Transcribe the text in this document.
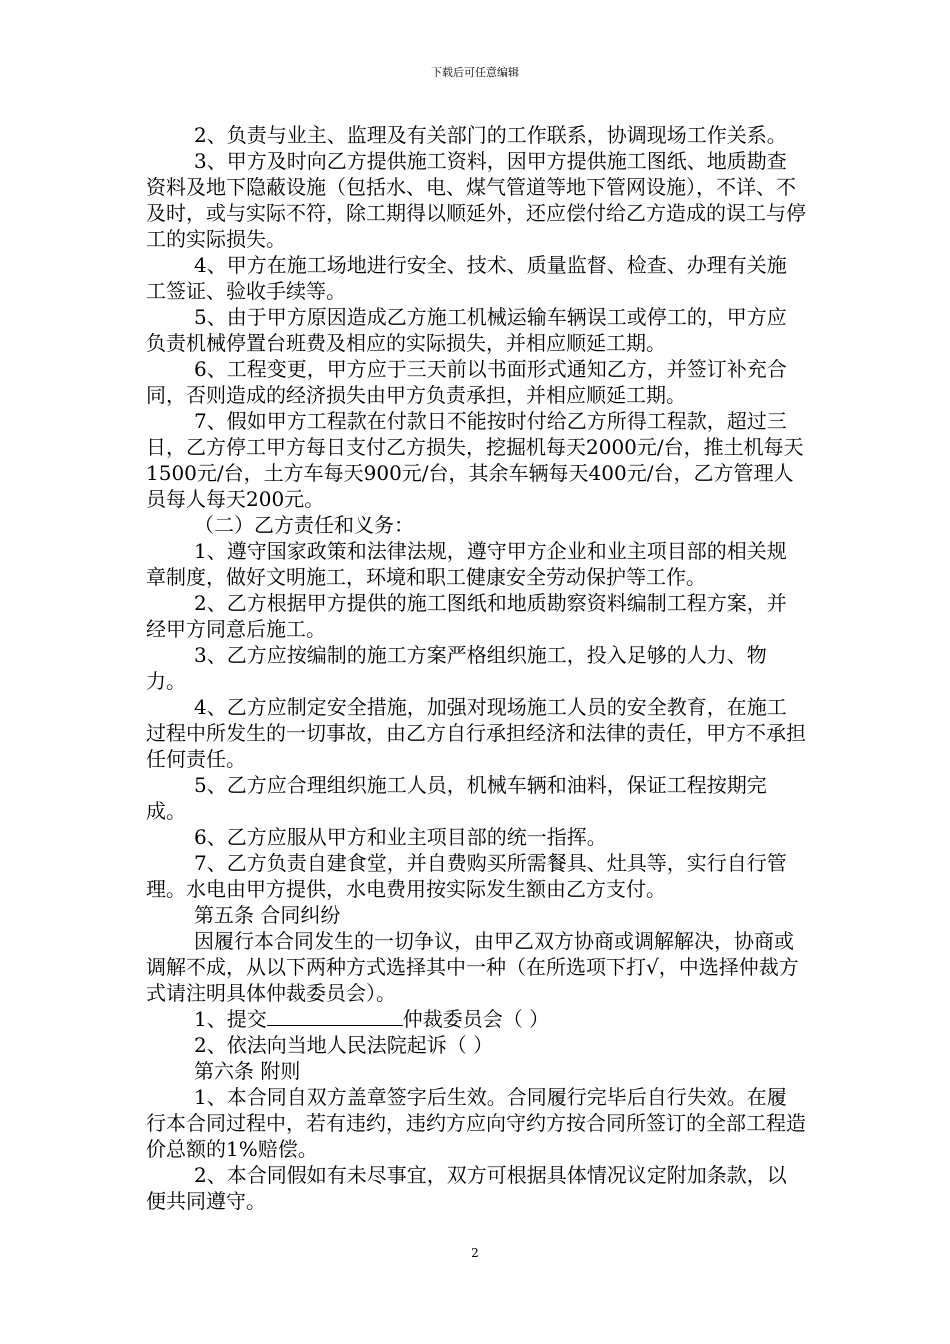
下载后可任意编辑

2、负责与业主、监理及有关部门的工作联系，协调现场工作关系。

3、甲方及时向乙方提供施工资料，因甲方提供施工图纸、地质勘查资料及地下隐蔽设施（包括水、电、煤气管道等地下管网设施），不详、不及时，或与实际不符，除工期得以顺延外，还应偿付给乙方造成的误工与停工的实际损失。

4、甲方在施工场地进行安全、技术、质量监督、检查、办理有关施工签证、验收手续等。

5、由于甲方原因造成乙方施工机械运输车辆误工或停工的，甲方应负责机械停置台班费及相应的实际损失，并相应顺延工期。

6、工程变更，甲方应于三天前以书面形式通知乙方，并签订补充合同，否则造成的经济损失由甲方负责承担，并相应顺延工期。

7、假如甲方工程款在付款日不能按时付给乙方所得工程款，超过三日，乙方停工甲方每日支付乙方损失，挖掘机每天2000元/台，推土机每天1500元/台，土方车每天900元/台，其余车辆每天400元/台，乙方管理人员每人每天200元。

（二）乙方责任和义务：

1、遵守国家政策和法律法规，遵守甲方企业和业主项目部的相关规章制度，做好文明施工，环境和职工健康安全劳动保护等工作。

2、乙方根据甲方提供的施工图纸和地质勘察资料编制工程方案，并经甲方同意后施工。

3、乙方应按编制的施工方案严格组织施工，投入足够的人力、物力。

4、乙方应制定安全措施，加强对现场施工人员的安全教育，在施工过程中所发生的一切事故，由乙方自行承担经济和法律的责任，甲方不承担任何责任。

5、乙方应合理组织施工人员，机械车辆和油料，保证工程按期完成。

6、乙方应服从甲方和业主项目部的统一指挥。

7、乙方负责自建食堂，并自费购买所需餐具、灶具等，实行自行管理。水电由甲方提供，水电费用按实际发生额由乙方支付。

第五条 合同纠纷

因履行本合同发生的一切争议，由甲乙双方协商或调解解决，协商或调解不成，从以下两种方式选择其中一种（在所选项下打√，中选择仲裁方式请注明具体仲裁委员会）。

1、提交	仲裁委员会（ ）

2、依法向当地人民法院起诉（ ）

第六条 附则

1、本合同自双方盖章签字后生效。合同履行完毕后自行失效。在履行本合同过程中，若有违约，违约方应向守约方按合同所签订的全部工程造价总额的1%赔偿。

2、本合同假如有未尽事宜，双方可根据具体情况议定附加条款，以便共同遵守。

2
